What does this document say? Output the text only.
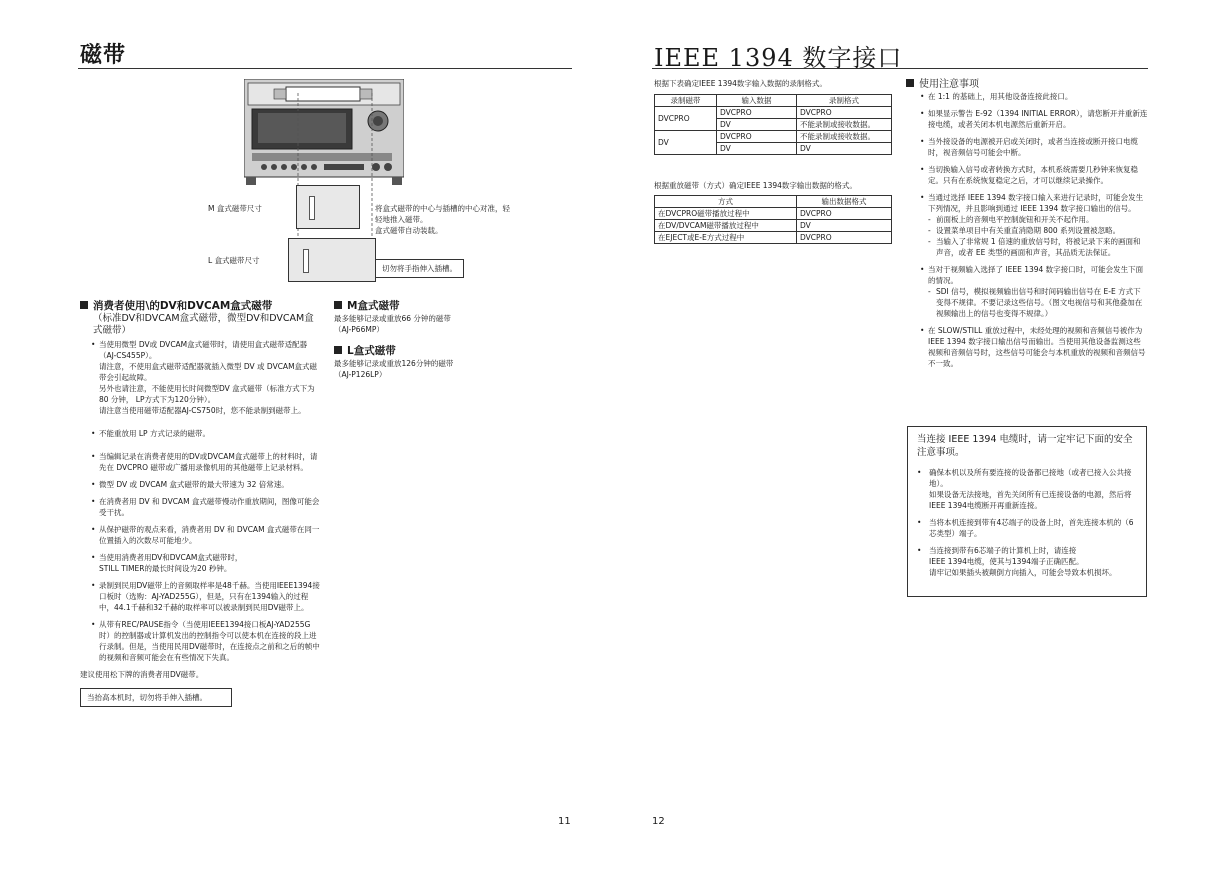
磁带
M 盒式磁带尺寸
L 盒式磁带尺寸
将盒式磁带的中心与插槽的中心对准，轻轻地推入磁带。
盒式磁带自动装载。
切勿将手指伸入插槽。
消费者使用\的DV和DVCAM盒式磁带
（标准DV和DVCAM盒式磁带，微型DV和DVCAM盒式磁带）
• 当使用微型 DV或 DVCAM盒式磁带时，请使用盒式磁带适配器（AJ-CS455P）。
请注意，不使用盒式磁带适配器就插入微型 DV 或 DVCAM盒式磁带会引起故障。
另外也请注意，不能使用长时间微型DV 盒式磁带（标准方式下为80 分钟， LP方式下为120分钟）。
请注意当使用磁带适配器AJ-CS750时，您不能录制到磁带上。
• 不能重放用 LP 方式记录的磁带。
• 当编辑记录在消费者使用的DV或DVCAM盒式磁带上的材料时，请先在 DVCPRO 磁带或广播用录像机用的其他磁带上记录材料。
• 微型 DV 或 DVCAM 盒式磁带的最大带速为 32 倍常速。
• 在消费者用 DV 和 DVCAM 盒式磁带慢动作重放期间，图像可能会受干扰。
• 从保护磁带的观点来看，消费者用 DV 和 DVCAM 盒式磁带在同一位置插入的次数尽可能地少。
• 当使用消费者用DV和DVCAM盒式磁带时，
STILL TIMER的最长时间设为20 秒钟。
• 录制到民用DV磁带上的音频取样率是48千赫。当使用IEEE1394接口板时（选购：AJ-YAD255G），但是，只有在1394输入的过程中，44.1千赫和32千赫的取样率可以被录制到民用DV磁带上。
• 从带有REC/PAUSE指令（当使用IEEE1394接口板AJ-YAD255G时）的控制器或计算机发出的控制指令可以使本机在连接的段上进行录制。但是，当使用民用DV磁带时，在连接点之前和之后的帧中的视频和音频可能会在有些情况下失真。
建议使用松下牌的消费者用DV磁带。
当抬高本机时，切勿将手伸入插槽。
M盒式磁带
最多能够记录或重放66 分钟的磁带
（AJ-P66MP）
L盒式磁带
最多能够记录或重放126分钟的磁带
（AJ-P126LP）
11
IEEE 1394 数字接口
根据下表确定IEEE 1394数字输入数据的录制格式。
录制磁带	输入数据	录制格式
DVCPRO	DVCPRO	DVCPRO
	DV	不能录制或接收数据。
DV	DVCPRO	不能录制或接收数据。
	DV	DV
根据重放磁带（方式）确定IEEE 1394数字输出数据的格式。
方式	输出数据格式
在DVCPRO磁带播放过程中	DVCPRO
在DV/DVCAM磁带播放过程中	DV
在EJECT或E-E方式过程中	DVCPRO
使用注意事项
• 在 1:1 的基础上，用其他设备连接此接口。
• 如果显示警告 E-92（1394 INITIAL ERROR），请您断开并重新连接电缆，或者关闭本机电源然后重新开启。
• 当外接设备的电源被开启或关闭时，或者当连接或断开接口电缆时，视音频信号可能会中断。
• 当切换输入信号或者转换方式时，本机系统需要几秒钟来恢复稳定。只有在系统恢复稳定之后，才可以继续记录操作。
• 当通过选择 IEEE 1394 数字接口输入来进行记录时，可能会发生下列情况，并且影响到通过 IEEE 1394 数字接口输出的信号。
- 前面板上的音频电平控制旋钮和开关不起作用。
- 设置菜单项目中有关重直消隐期 800 系列设置被忽略。
- 当输入了非常规 1 倍速的重放信号时，将被记录下来的画面和声音，或者 EE 类型的画面和声音，其品质无法保证。
• 当对于视频输入选择了 IEEE 1394 数字接口时，可能会发生下面的情况。
- SDI 信号，模拟视频输出信号和时间码输出信号在 E-E 方式下变得不规律。不要记录这些信号。（图文电视信号和其他叠加在视频输出上的信号也变得不规律。）
• 在 SLOW/STILL 重放过程中，未经处理的视频和音频信号被作为 IEEE 1394 数字接口输出信号而输出。当使用其他设备监测这些视频和音频信号时，这些信号可能会与本机重放的视频和音频信号不一致。
当连接 IEEE 1394 电缆时，请一定牢记下面的安全注意事项。
• 确保本机以及所有要连接的设备都已接地（或者已接入公共接地）。
如果设备无法接地，首先关闭所有已连接设备的电源，然后将IEEE 1394电缆断开再重新连接。
• 当将本机连接到带有4芯端子的设备上时，首先连接本机的（6芯类型）端子。
• 当连接到带有6芯端子的计算机上时，请连接
IEEE 1394电缆，使其与1394端子正确匹配。
请牢记如果插头被颠倒方向插入，可能会导致本机损坏。
12
